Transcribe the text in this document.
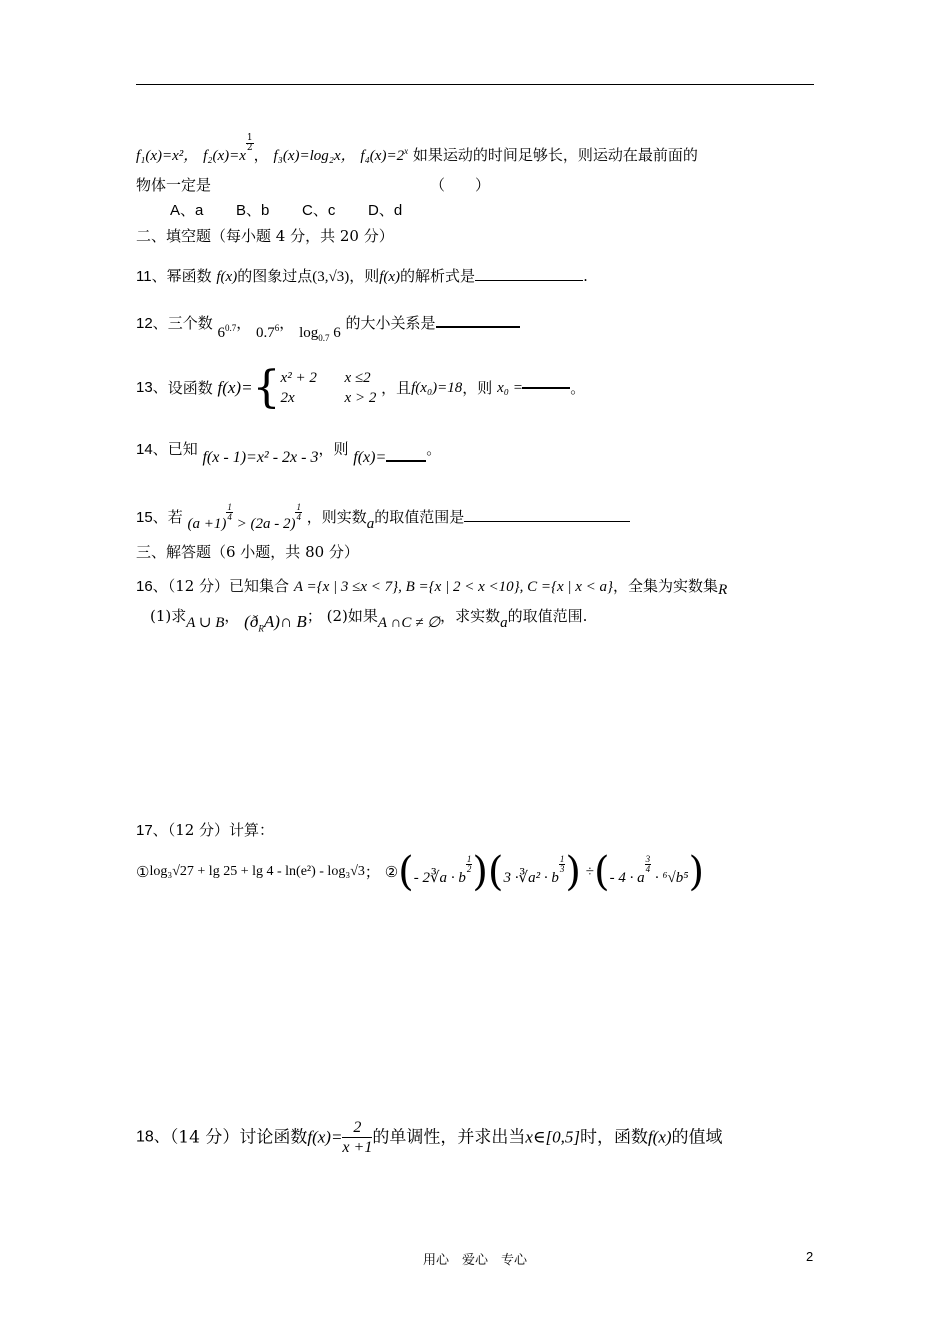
f₁(x)=x²， f₂(x)=x
$\frac{1}{2}$
， f₃(x)=log₂x， $f_4(x)=2^x$ 如果运动的时间足够长，则运动在最前面的
物体一定是	（　　）
A、a B、b C、c D、d
二、填空题（每小题 4 分，共 20 分）
11、幂函数 f(x)的图象过点(3,√3)，则f(x)的解析式是	.
12、三个数 $6^{0.7}$， $0.7^6$， $\log_{0.7} 6$ 的大小关系是
13、设函数 f(x)={ x² + 2 x ≤2
2x	x > 2
，且f(x₀)=18，则 x₀ =	。
14、已知 f(x - 1)=x² - 2x - 3，则 f(x)=	。
15、若 (a +1)
$\frac{1}{4}$
> (2a - 2)
$\frac{1}{4}$ ，则实数a的取值范围是
三、解答题（6 小题，共 80 分）
16、（12 分）已知集合 A ={x | 3 ≤x < 7}, B ={x | 2 < x <10}, C ={x | x < a}，全集为实数集R
(1)求A ∪ B， $(ð_RA)\cap$ B； (2)如果A ∩C ≠ ∅，求实数a的取值范围.
17、（12 分）计算：
①log₃√27 + lg 25 + lg 4 - ln(e²) - log₃√3； ②(- 2∛a · b
$\frac{1}{2} )(3$ ·∛a² · b
$\frac{1}{3}$ ) ÷(- 4 · a
$\frac{3}{4}$
· ⁶√b⁵)
18、（14 分）讨论函数$f(x)= \frac{2}{x +1}$ 的单调性，并求出当x∈[0,5]时，函数f(x)的值域
用心　爱心　专心	2
